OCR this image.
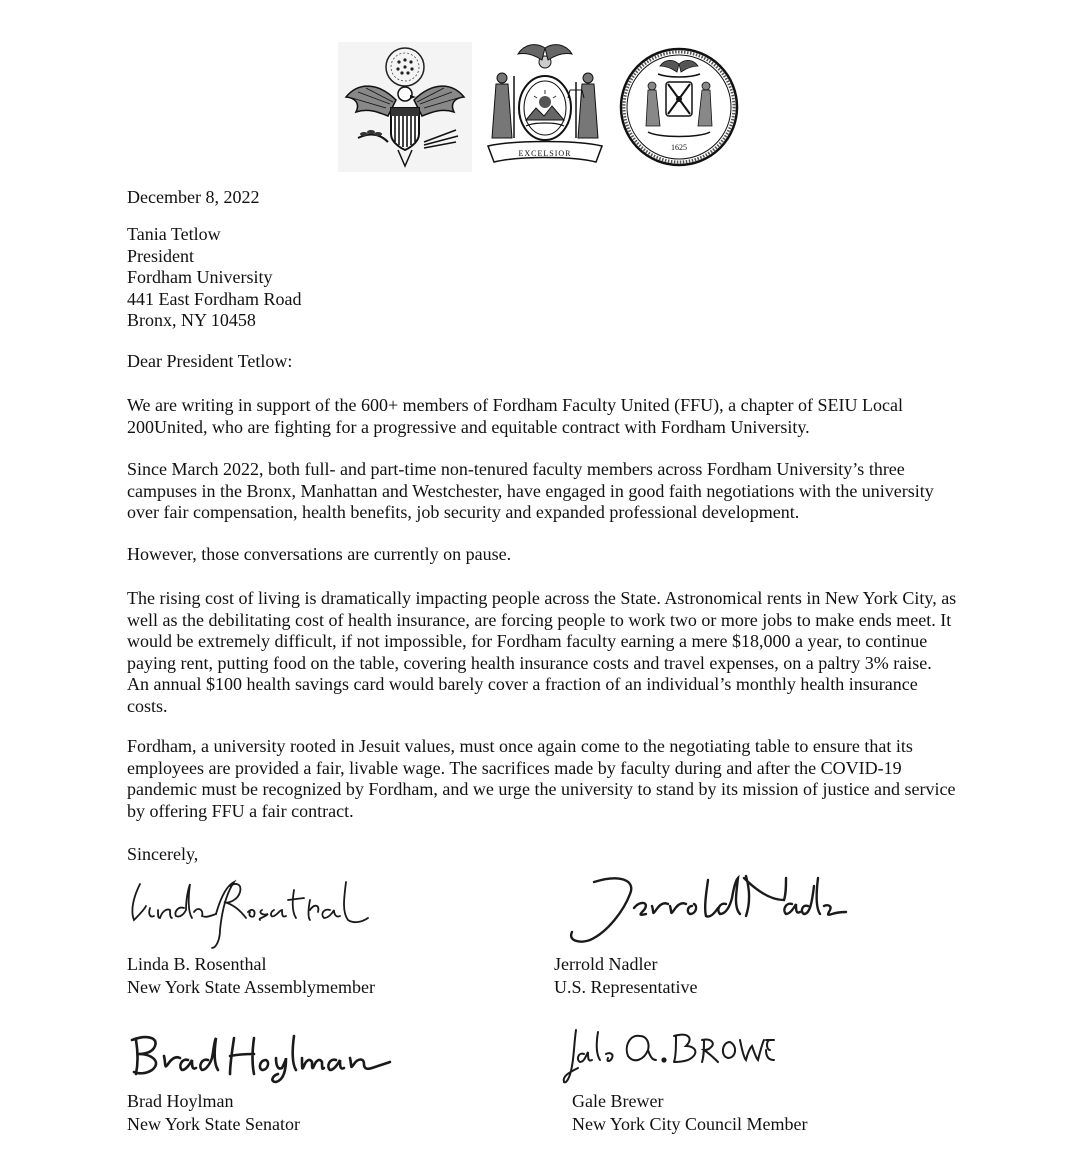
EXCELSIOR
1625
December 8, 2022
Tania Tetlow
President
Fordham University
441 East Fordham Road
Bronx, NY 10458
Dear President Tetlow:

We are writing in support of the 600+ members of Fordham Faculty United (FFU), a chapter of SEIU Local 200United, who are fighting for a progressive and equitable contract with Fordham University.

Since March 2022, both full- and part-time non-tenured faculty members across Fordham University’s three campuses in the Bronx, Manhattan and Westchester, have engaged in good faith negotiations with the university over fair compensation, health benefits, job security and expanded professional development.

However, those conversations are currently on pause.

The rising cost of living is dramatically impacting people across the State. Astronomical rents in New York City, as well as the debilitating cost of health insurance, are forcing people to work two or more jobs to make ends meet. It would be extremely difficult, if not impossible, for Fordham faculty earning a mere $18,000 a year, to continue paying rent, putting food on the table, covering health insurance costs and travel expenses, on a paltry 3% raise. An annual $100 health savings card would barely cover a fraction of an individual’s monthly health insurance costs.

Fordham, a university rooted in Jesuit values, must once again come to the negotiating table to ensure that its employees are provided a fair, livable wage. The sacrifices made by faculty during and after the COVID-19 pandemic must be recognized by Fordham, and we urge the university to stand by its mission of justice and service by offering FFU a fair contract.

Sincerely,
Linda B. Rosenthal
New York State Assemblymember
Jerrold Nadler
U.S. Representative
Brad Hoylman
New York State Senator
Gale Brewer
New York City Council Member
